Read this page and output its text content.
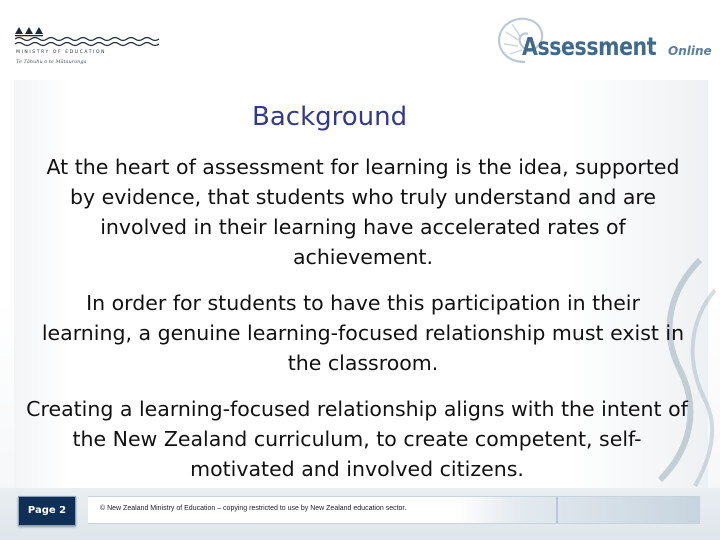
MINISTRY OF EDUCATION
Te Tāhuhu o te Mātauranga
Assessment Online
Background
At the heart of assessment for learning is the idea, supported by evidence, that students who truly understand and are involved in their learning have accelerated rates of achievement.
In order for students to have this participation in their learning, a genuine learning-focused relationship must exist in the classroom.
Creating a learning-focused relationship aligns with the intent of the New Zealand curriculum, to create competent, self-motivated and involved citizens.
Page 2	© New Zealand Ministry of Education – copying restricted to use by New Zealand education sector.
